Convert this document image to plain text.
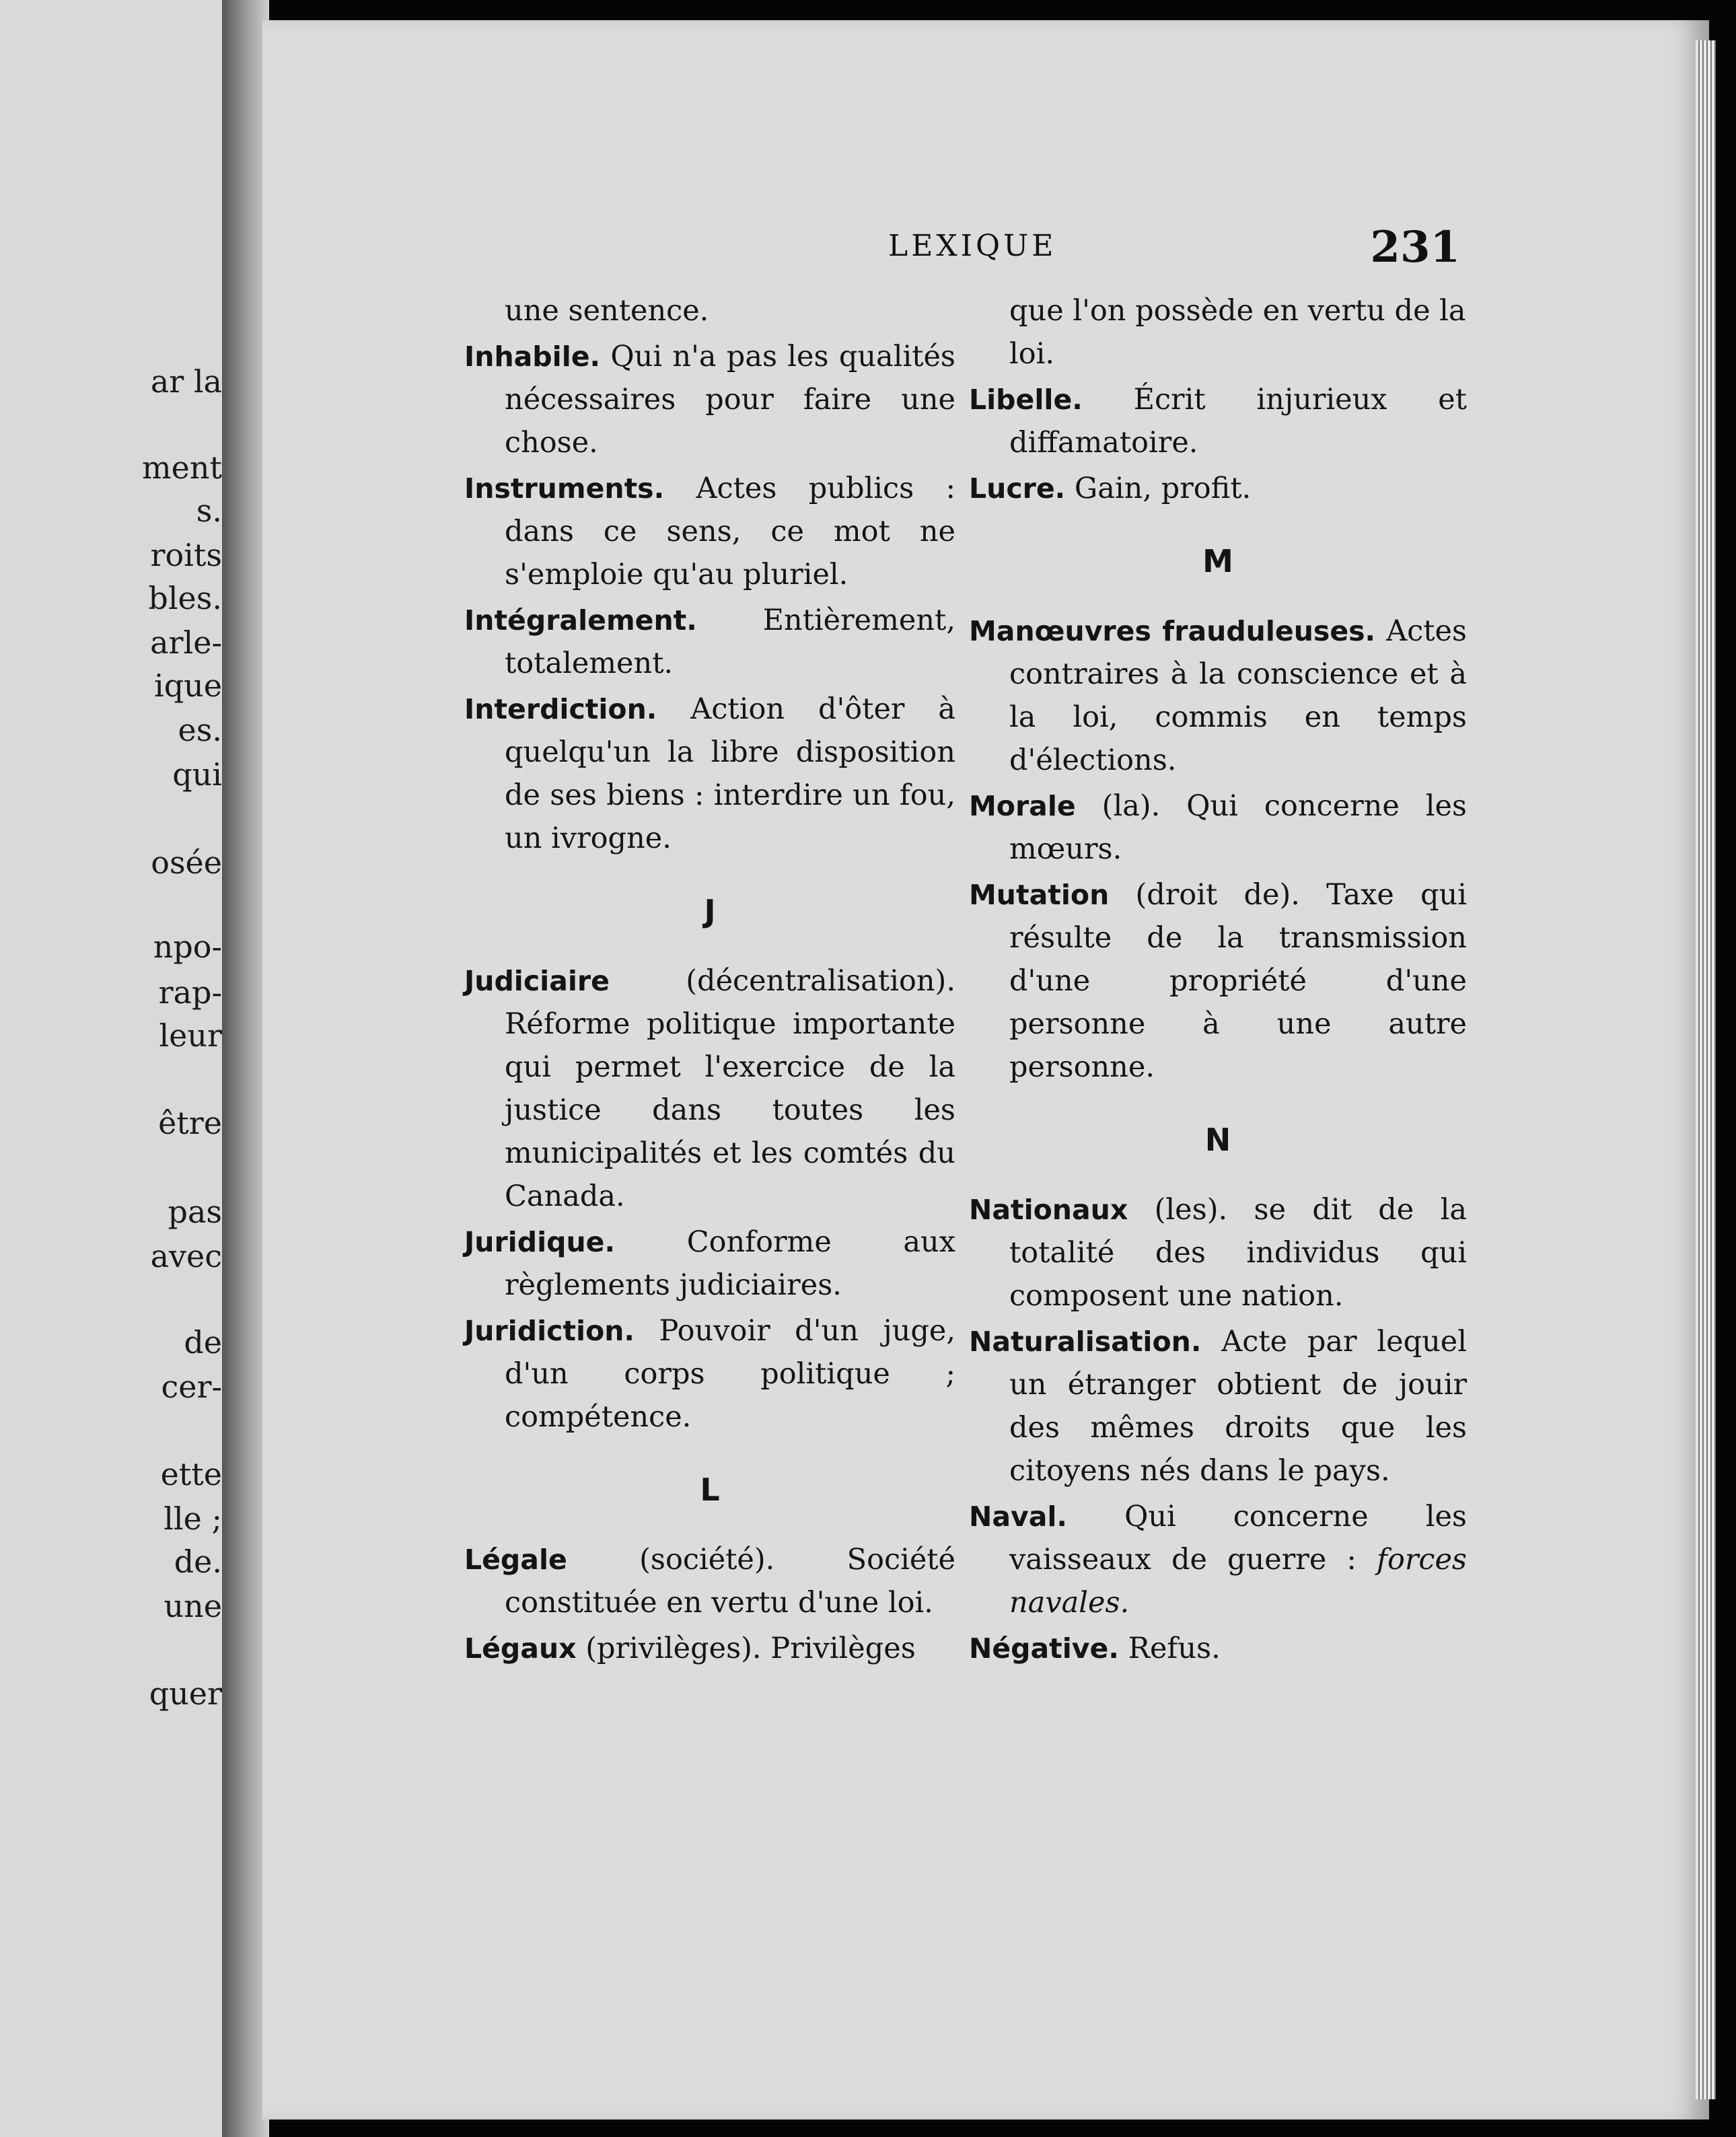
ar la
ment
s.
roits
bles.
arle-
ique
es.
qui
osée
npo-
rap-
leur
être
pas
avec
de
cer-
ette
lle ;
de.
une
quer
LEXIQUE	231
une sentence.

Inhabile. Qui n'a pas les qualités nécessaires pour faire une chose.

Instruments. Actes publics : dans ce sens, ce mot ne s'emploie qu'au pluriel.

Intégralement. Entièrement, totalement.

Interdiction. Action d'ôter à quelqu'un la libre disposition de ses biens : interdire un fou, un ivrogne.

J

Judiciaire	(décentralisation). Réforme politique importante qui permet l'exercice de la justice dans toutes les municipalités et les comtés du Canada.

Juridique. Conforme aux règlements judiciaires.

Juridiction. Pouvoir d'un juge, d'un corps politique ; compétence.

L

Légale (société). Société constituée en vertu d'une loi.

Légaux (privilèges). Privilèges

que l'on possède en vertu de la loi.

Libelle. Écrit injurieux et diffamatoire.

Lucre. Gain, profit.

M

Manœuvres frauduleuses. Actes contraires à la conscience et à la loi, commis en temps d'élections.

Morale (la). Qui concerne les mœurs.

Mutation (droit de). Taxe qui résulte de la transmission d'une propriété d'une personne à une autre personne.

N

Nationaux (les). se dit de la totalité des individus qui composent une nation.

Naturalisation. Acte par lequel un étranger obtient de jouir des mêmes droits que les citoyens nés dans le pays.

Naval. Qui concerne les vaisseaux de guerre : forces navales.

Négative. Refus.
